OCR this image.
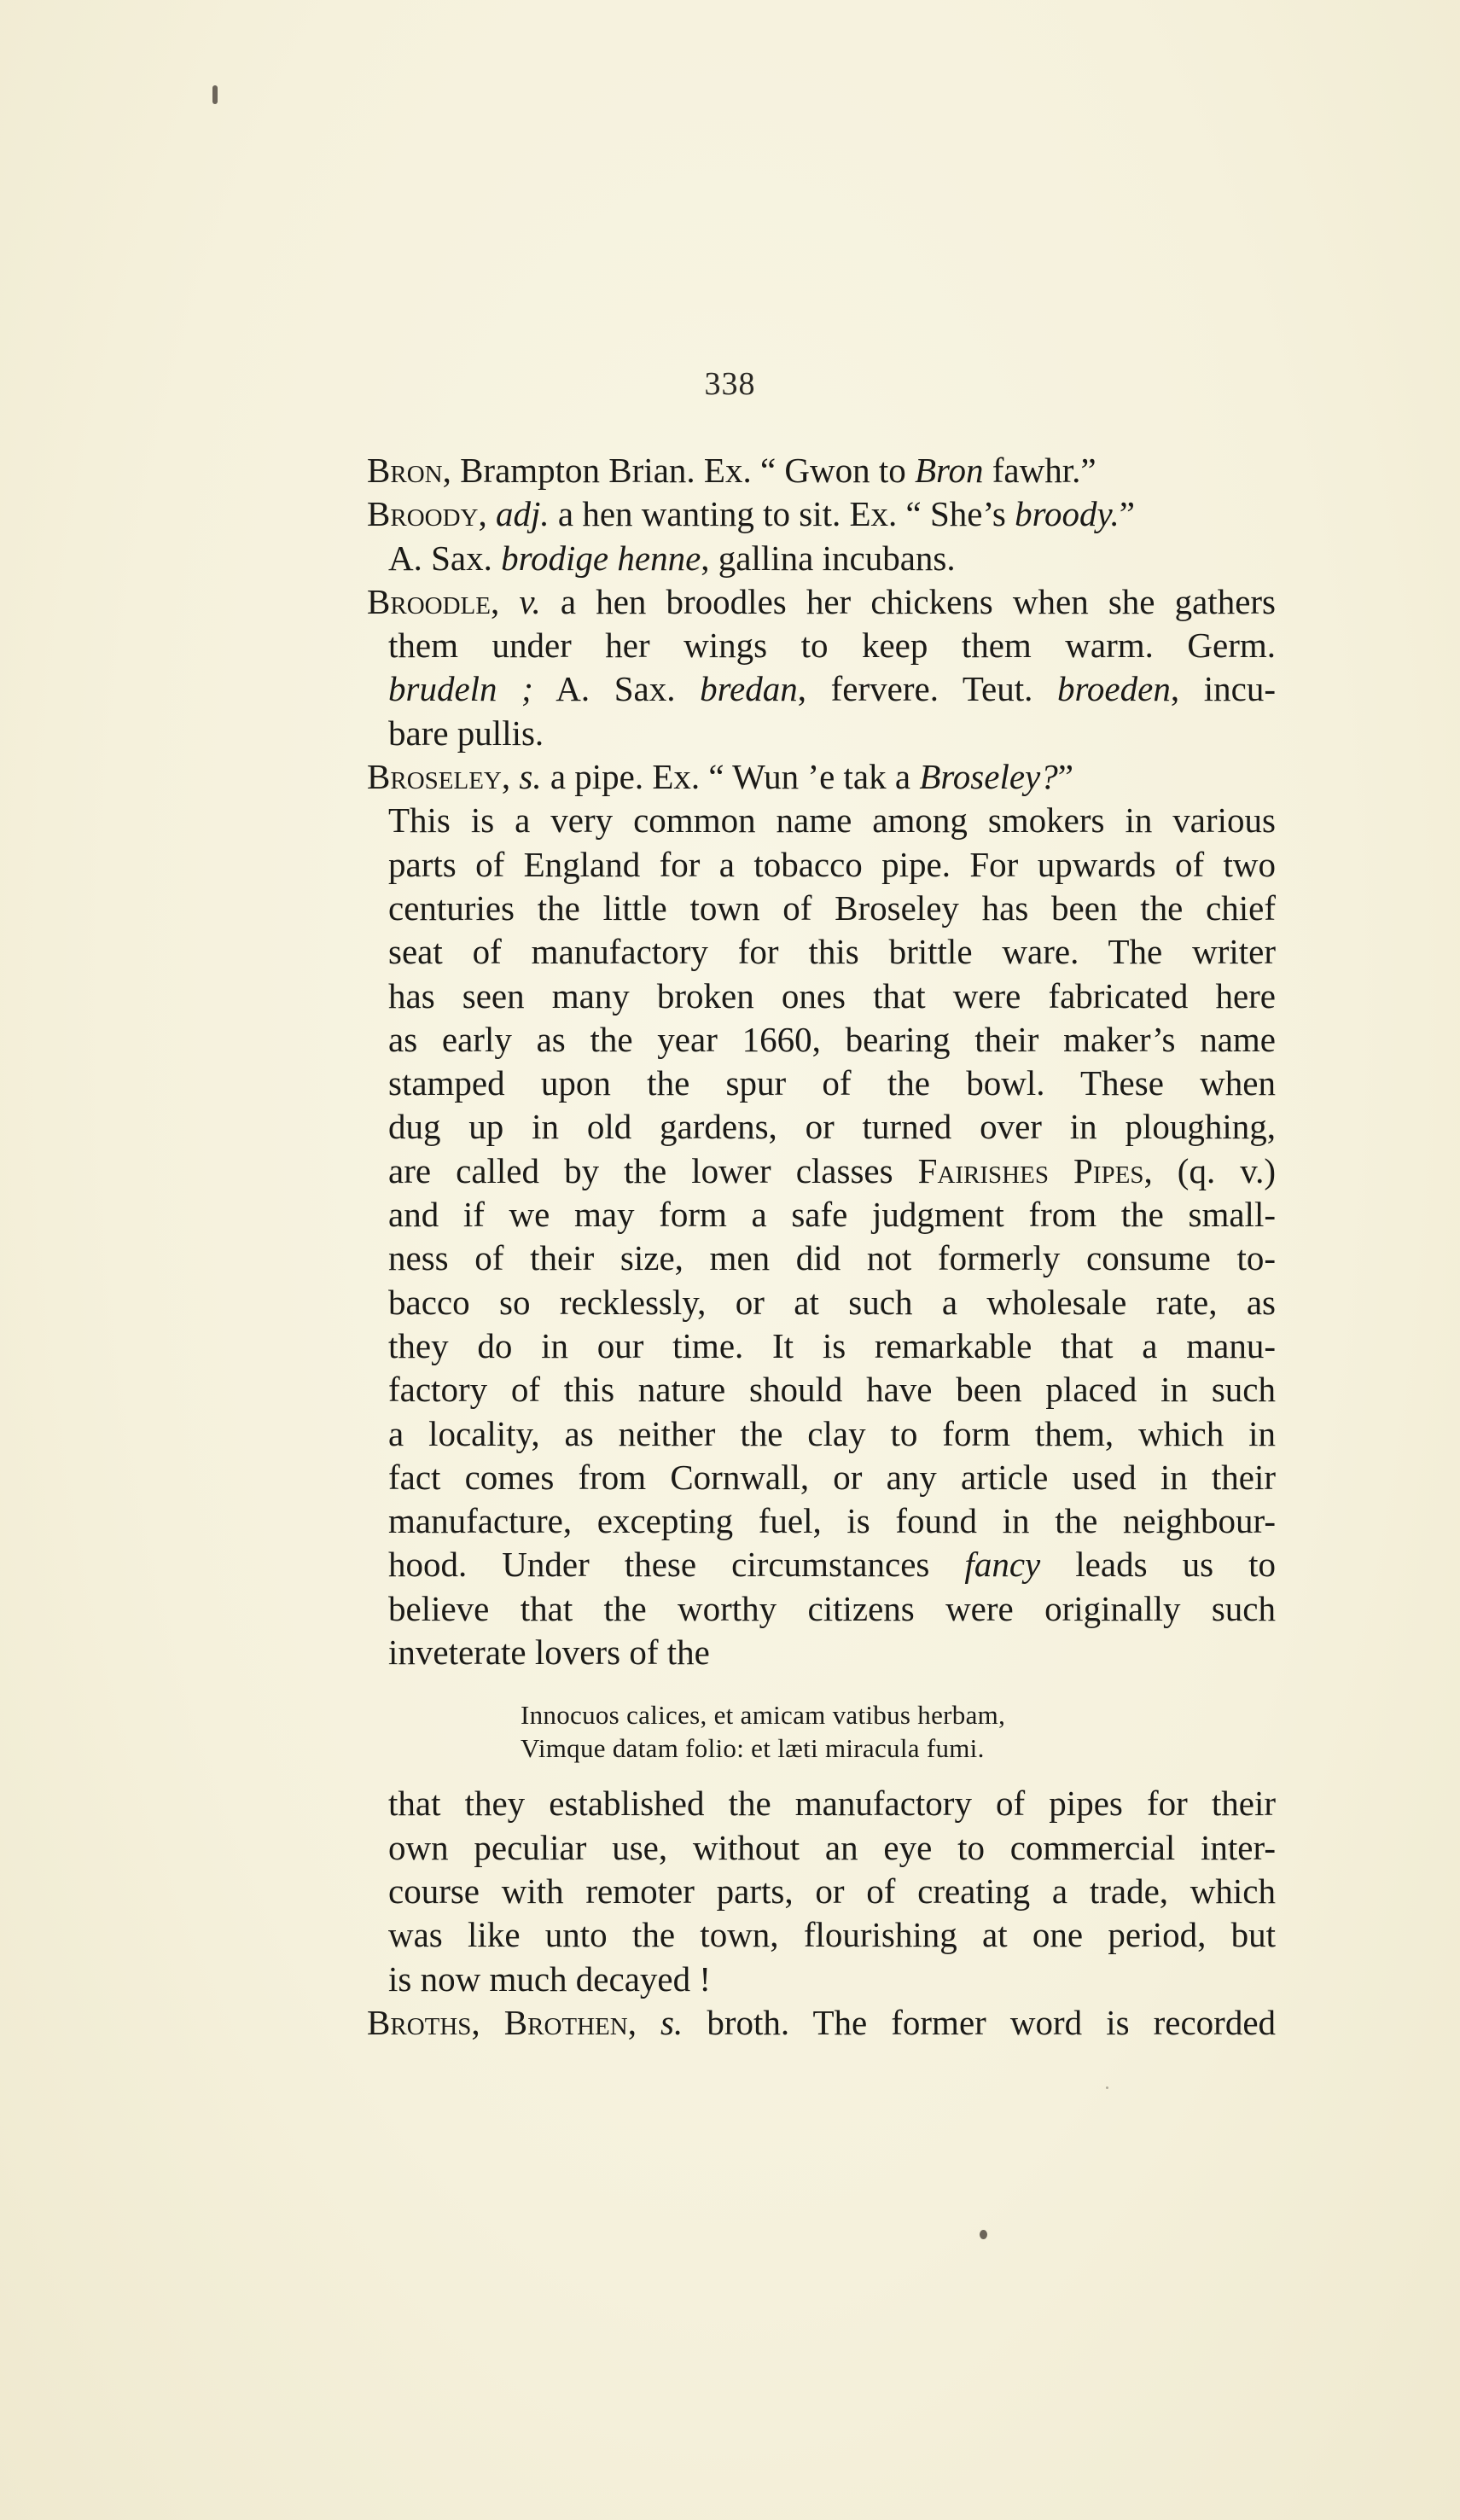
338
Bron, Brampton Brian. Ex. “ Gwon to Bron fawhr.”
Broody, adj. a hen wanting to sit. Ex. “ She’s broody.”
A. Sax. brodige henne, gallina incubans.
Broodle, v. a hen broodles her chickens when she gathers
them under her wings to keep them warm. Germ.
brudeln ; A. Sax. bredan, fervere. Teut. broeden, incu-
bare pullis.
Broseley, s. a pipe. Ex. “ Wun ’e tak a Broseley?”
This is a very common name among smokers in various
parts of England for a tobacco pipe. For upwards of two
centuries the little town of Broseley has been the chief
seat of manufactory for this brittle ware. The writer
has seen many broken ones that were fabricated here
as early as the year 1660, bearing their maker’s name
stamped upon the spur of the bowl. These when
dug up in old gardens, or turned over in ploughing,
are called by the lower classes Fairishes Pipes, (q. v.)
and if we may form a safe judgment from the small-
ness of their size, men did not formerly consume to-
bacco so recklessly, or at such a wholesale rate, as
they do in our time. It is remarkable that a manu-
factory of this nature should have been placed in such
a locality, as neither the clay to form them, which in
fact comes from Cornwall, or any article used in their
manufacture, excepting fuel, is found in the neighbour-
hood. Under these circumstances fancy leads us to
believe that the worthy citizens were originally such
inveterate lovers of the
Innocuos calices, et amicam vatibus herbam,
Vimque datam folio: et læti miracula fumi.
that they established the manufactory of pipes for their
own peculiar use, without an eye to commercial inter-
course with remoter parts, or of creating a trade, which
was like unto the town, flourishing at one period, but
is now much decayed !
Broths, Brothen, s. broth. The former word is recorded
